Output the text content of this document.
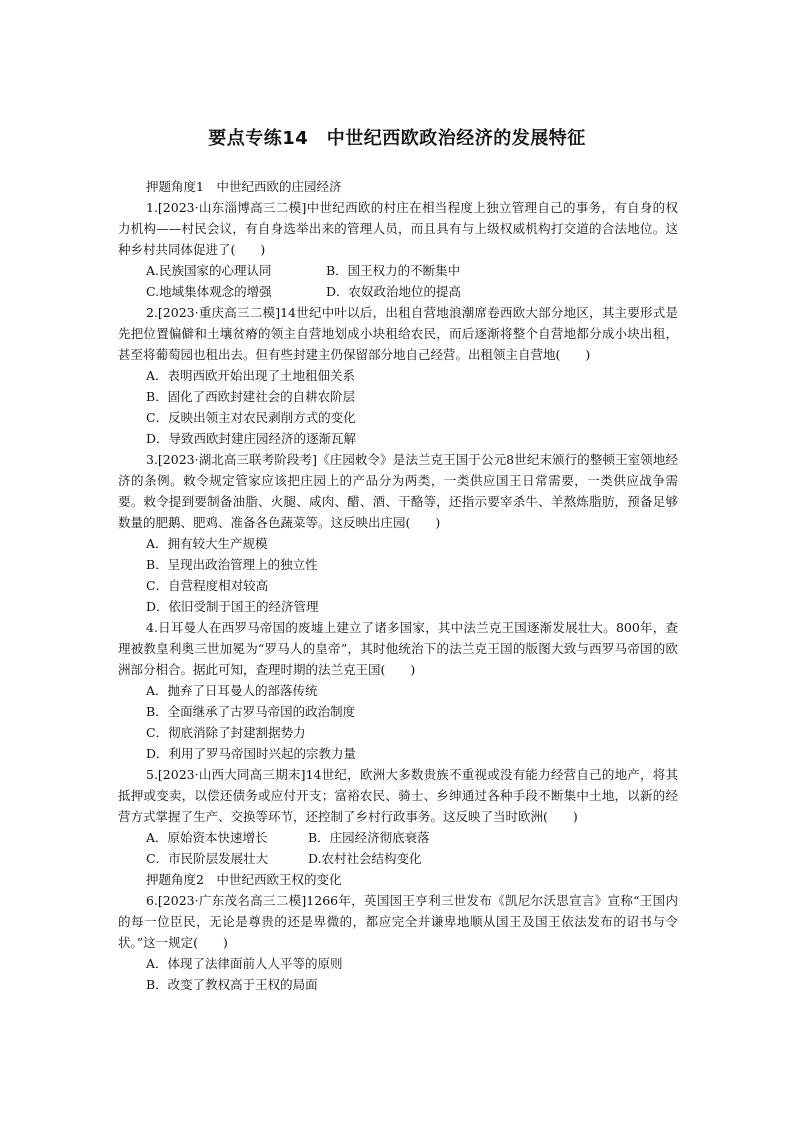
要点专练14　中世纪西欧政治经济的发展特征

押题角度1　中世纪西欧的庄园经济

1.[2023·山东淄博高三二模]中世纪西欧的村庄在相当程度上独立管理自己的事务，有自身的权力机构——村民会议，有自身选举出来的管理人员，而且具有与上级权威机构打交道的合法地位。这种乡村共同体促进了(　　)

A.民族国家的心理认同	B．国王权力的不断集中

C.地域集体观念的增强	D．农奴政治地位的提高

2.[2023·重庆高三二模]14世纪中叶以后，出租自营地浪潮席卷西欧大部分地区，其主要形式是先把位置偏僻和土壤贫瘠的领主自营地划成小块租给农民，而后逐渐将整个自营地都分成小块出租，甚至将葡萄园也租出去。但有些封建主仍保留部分地自己经营。出租领主自营地(　　)

A．表明西欧开始出现了土地租佃关系

B．固化了西欧封建社会的自耕农阶层

C．反映出领主对农民剥削方式的变化

D．导致西欧封建庄园经济的逐渐瓦解

3.[2023·湖北高三联考阶段考]《庄园敕令》是法兰克王国于公元8世纪末颁行的整顿王室领地经济的条例。敕令规定管家应该把庄园上的产品分为两类，一类供应国王日常需要，一类供应战争需要。敕令提到要制备油脂、火腿、咸肉、醋、酒、干酪等，还指示要宰杀牛、羊熬炼脂肪，预备足够数量的肥鹅、肥鸡、准备各色蔬菜等。这反映出庄园(　　)

A．拥有较大生产规模

B．呈现出政治管理上的独立性

C．自营程度相对较高

D．依旧受制于国王的经济管理

4.日耳曼人在西罗马帝国的废墟上建立了诸多国家，其中法兰克王国逐渐发展壮大。800年，查理被教皇利奥三世加冕为“罗马人的皇帝”，其时他统治下的法兰克王国的版图大致与西罗马帝国的欧洲部分相合。据此可知，查理时期的法兰克王国(　　)

A．抛弃了日耳曼人的部落传统

B．全面继承了古罗马帝国的政治制度

C．彻底消除了封建割据势力

D．利用了罗马帝国时兴起的宗教力量

5.[2023·山西大同高三期末]14世纪，欧洲大多数贵族不重视或没有能力经营自己的地产，将其抵押或变卖，以偿还债务或应付开支；富裕农民、骑士、乡绅通过各种手段不断集中土地，以新的经营方式掌握了生产、交换等环节，还控制了乡村行政事务。这反映了当时欧洲(　　)

A．原始资本快速增长	B．庄园经济彻底衰落

C．市民阶层发展壮大	D.农村社会结构变化

押题角度2　中世纪西欧王权的变化

6.[2023·广东茂名高三二模]1266年，英国国王亨利三世发布《凯尼尔沃思宣言》宣称“王国内的每一位臣民，无论是尊贵的还是卑微的，都应完全并谦卑地顺从国王及国王依法发布的诏书与令状。”这一规定(　　)

A．体现了法律面前人人平等的原则

B．改变了教权高于王权的局面
